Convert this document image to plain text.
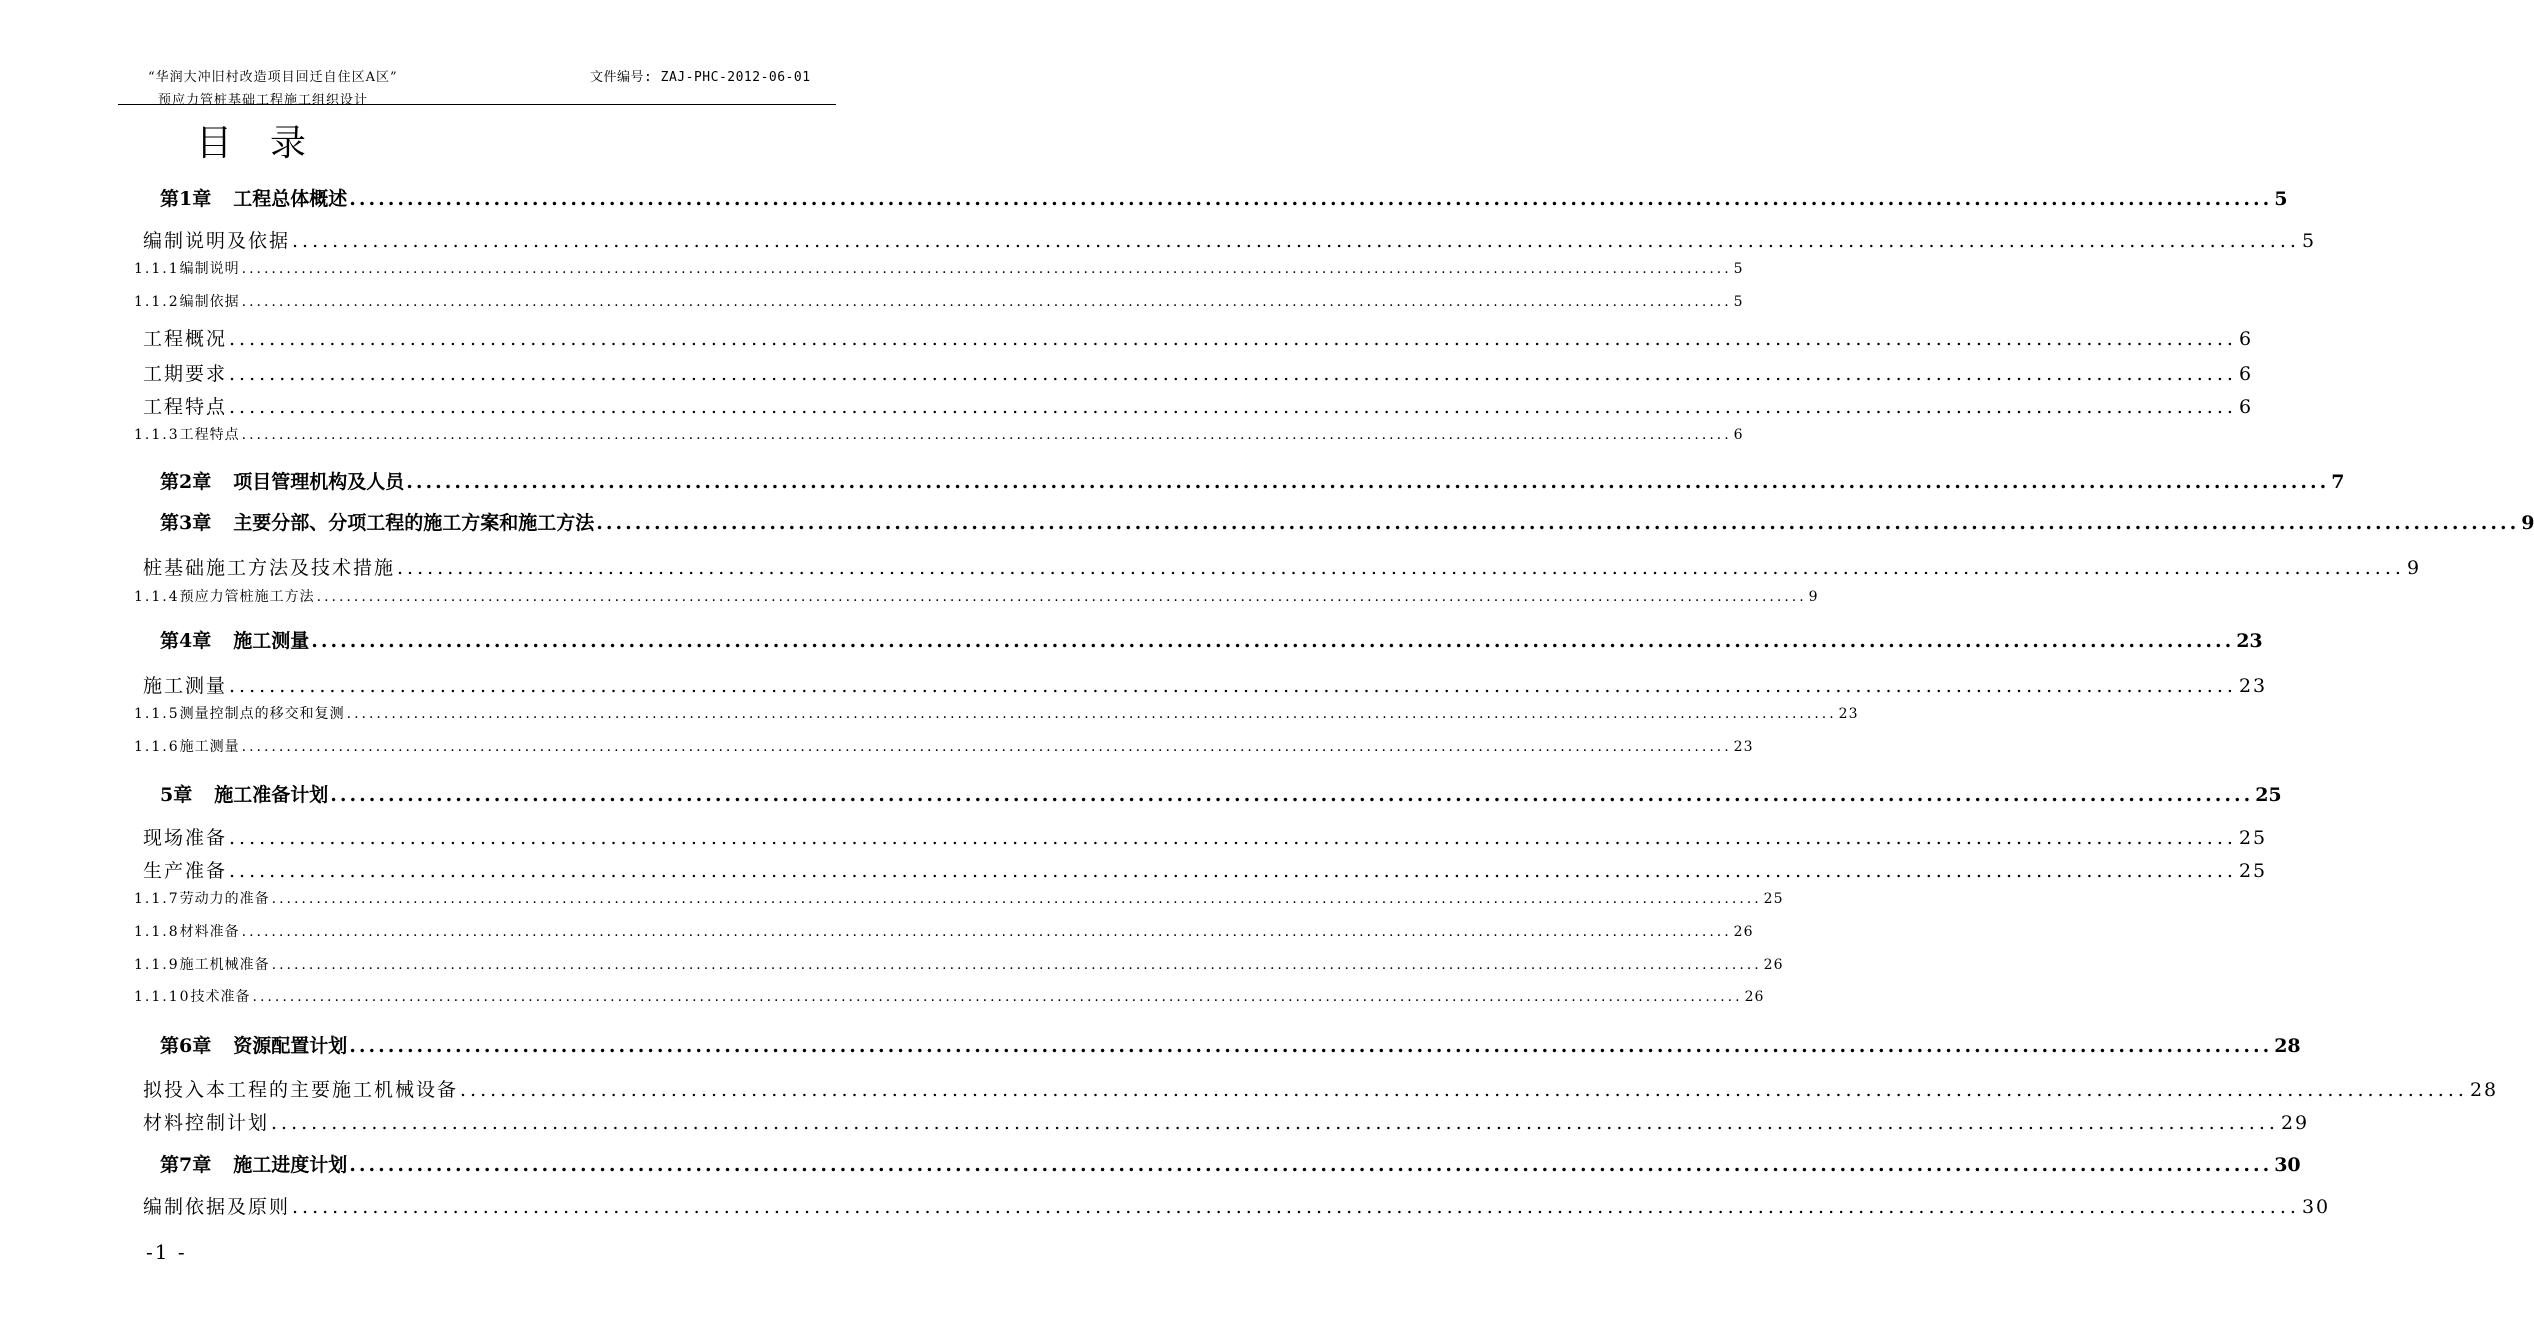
“华润大冲旧村改造项目回迁自住区A区”
预应力管桩基础工程施工组织设计
文件编号: ZAJ-PHC-2012-06-01
目录
第1章 工程总体概述 ........................................................................................................................................................................................................ 5
编制说明及依据 ........................................................................................................................................................................................................ 5
1.1.1 编制说明 ........................................................................................................................................................................................................ 5
1.1.2 编制依据 ........................................................................................................................................................................................................ 5
工程概况 ........................................................................................................................................................................................................ 6
工期要求 ........................................................................................................................................................................................................ 6
工程特点 ........................................................................................................................................................................................................ 6
1.1.3 工程特点 ........................................................................................................................................................................................................ 6
第2章 项目管理机构及人员 ........................................................................................................................................................................................................ 7
第3章 主要分部、分项工程的施工方案和施工方法 ........................................................................................................................................................................................................ 9
桩基础施工方法及技术措施 ........................................................................................................................................................................................................ 9
1.1.4 预应力管桩施工方法 ........................................................................................................................................................................................................ 9
第4章 施工测量 ........................................................................................................................................................................................................ 23
施工测量 ........................................................................................................................................................................................................ 23
1.1.5 测量控制点的移交和复测 ........................................................................................................................................................................................................ 23
1.1.6 施工测量 ........................................................................................................................................................................................................ 23
5章 施工准备计划 ........................................................................................................................................................................................................ 25
现场准备 ........................................................................................................................................................................................................ 25
生产准备 ........................................................................................................................................................................................................ 25
1.1.7 劳动力的准备 ........................................................................................................................................................................................................ 25
1.1.8 材料准备 ........................................................................................................................................................................................................ 26
1.1.9 施工机械准备 ........................................................................................................................................................................................................ 26
1.1.10 技术准备 ........................................................................................................................................................................................................ 26
第6章 资源配置计划 ........................................................................................................................................................................................................ 28
拟投入本工程的主要施工机械设备 ........................................................................................................................................................................................................ 28
材料控制计划 ........................................................................................................................................................................................................ 29
第7章 施工进度计划 ........................................................................................................................................................................................................ 30
编制依据及原则 ........................................................................................................................................................................................................ 30
-1 -
